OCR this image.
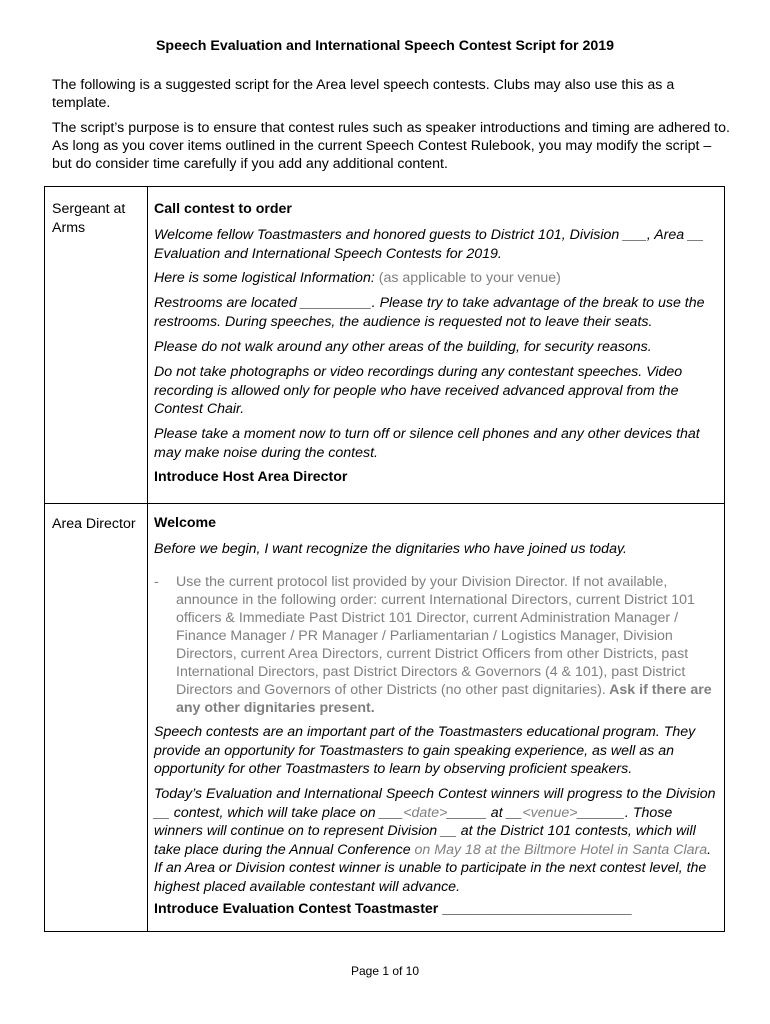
Speech Evaluation and International Speech Contest Script for 2019

The following is a suggested script for the Area level speech contests. Clubs may also use this as a template.

The script’s purpose is to ensure that contest rules such as speaker introductions and timing are adhered to. As long as you cover items outlined in the current Speech Contest Rulebook, you may modify the script – but do consider time carefully if you add any additional content.

Sergeant at Arms

Call contest to order

Welcome fellow Toastmasters and honored guests to District 101, Division ___, Area __ Evaluation and International Speech Contests for 2019.

Here is some logistical Information: (as applicable to your venue)

Restrooms are located _________. Please try to take advantage of the break to use the restrooms. During speeches, the audience is requested not to leave their seats.

Please do not walk around any other areas of the building, for security reasons.

Do not take photographs or video recordings during any contestant speeches. Video recording is allowed only for people who have received advanced approval from the Contest Chair.

Please take a moment now to turn off or silence cell phones and any other devices that may make noise during the contest.

Introduce Host Area Director

Area Director	Welcome

Before we begin, I want recognize the dignitaries who have joined us today.

- Use the current protocol list provided by your Division Director. If not available, announce in the following order: current International Directors, current District 101 officers & Immediate Past District 101 Director, current Administration Manager / Finance Manager / PR Manager / Parliamentarian / Logistics Manager, Division Directors, current Area Directors, current District Officers from other Districts, past International Directors, past District Directors & Governors (4 & 101), past District Directors and Governors of other Districts (no other past dignitaries). Ask if there are any other dignitaries present.

Speech contests are an important part of the Toastmasters educational program. They provide an opportunity for Toastmasters to gain speaking experience, as well as an opportunity for other Toastmasters to learn by observing proficient speakers.

Today’s Evaluation and International Speech Contest winners will progress to the Division __ contest, which will take place on ___<date>_____ at __<venue>______. Those winners will continue on to represent Division __ at the District 101 contests, which will take place during the Annual Conference on May 18 at the Biltmore Hotel in Santa Clara. If an Area or Division contest winner is unable to participate in the next contest level, the highest placed available contestant will advance.

Introduce Evaluation Contest Toastmaster ________________________

Page 1 of 10
